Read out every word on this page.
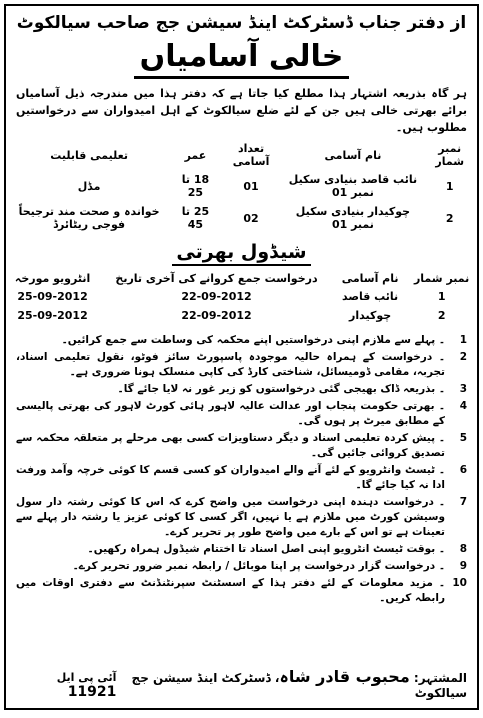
از دفتر جناب ڈسٹرکٹ اینڈ سیشن جج صاحب سیالکوٹ
خالی آسامیاں
ہر گاہ بذریعہ اشتہار ہذا مطلع کیا جاتا ہے کہ دفتر ہذا میں مندرجہ ذیل آسامیاں برائے بھرتی خالی ہیں جن کے لئے ضلع سیالکوٹ کے اہل امیدواران سے درخواستیں مطلوب ہیں۔
نمبر شمار	نام آسامی	تعداد آسامی	عمر	تعلیمی قابلیت
1	نائب قاصد بنیادی سکیل نمبر 01	01	18 تا 25	مڈل
2	چوکیدار بنیادی سکیل نمبر 01	02	25 تا 45	خواندہ و صحت مند ترجیحاً فوجی ریٹائرڈ
شیڈول بھرتی
نمبر شمار	نام آسامی	درخواست جمع کروانے کی آخری تاریخ	انٹرویو مورخہ
1	نائب قاصد	22-09-2012	25-09-2012
2	چوکیدار	22-09-2012	25-09-2012
1
۔ پہلے سے ملازم اپنی درخواستیں اپنے محکمہ کی وساطت سے جمع کرائیں۔
2
۔ درخواست کے ہمراہ حالیہ موجودہ پاسپورٹ سائز فوٹو، نقول تعلیمی اسناد، تجربہ، مقامی ڈومیسائل، شناختی کارڈ کی کاپی منسلک ہونا ضروری ہے۔
3
۔ بذریعہ ڈاک بھیجی گئی درخواستوں کو زیر غور نہ لایا جائے گا۔
4
۔ بھرتی حکومت پنجاب اور عدالت عالیہ لاہور ہائی کورٹ لاہور کی بھرتی پالیسی کے مطابق میرٹ پر ہوں گی۔
5
۔ پیش کردہ تعلیمی اسناد و دیگر دستاویزات کسی بھی مرحلے پر متعلقہ محکمہ سے تصدیق کروائی جائیں گی۔
6
۔ ٹیسٹ وانٹرویو کے لئے آنے والے امیدواران کو کسی قسم کا کوئی خرچہ وآمد ورفت ادا نہ کیا جائے گا۔
7
۔ درخواست دہندہ اپنی درخواست میں واضح کرے کہ اس کا کوئی رشتہ دار سول وسیشن کورٹ میں ملازم ہے یا نہیں، اگر کسی کا کوئی عزیز یا رشتہ دار پہلے سے تعینات ہے تو اس کے بارے میں واضح طور پر تحریر کرے۔
8
۔ بوقت ٹیسٹ انٹرویو اپنی اصل اسناد تا اختتام شیڈول ہمراہ رکھیں۔
9
۔ درخواست گزار درخواست پر اپنا موبائل / رابطہ نمبر ضرور تحریر کرے۔
10
۔ مزید معلومات کے لئے دفتر ہذا کے اسسٹنٹ سپرنٹنڈنٹ سے دفتری اوقات میں رابطہ کریں۔
المشتہر: محبوب قادر شاہ، ڈسٹرکٹ اینڈ سیشن جج سیالکوٹ
آئی پی ایل 11921
